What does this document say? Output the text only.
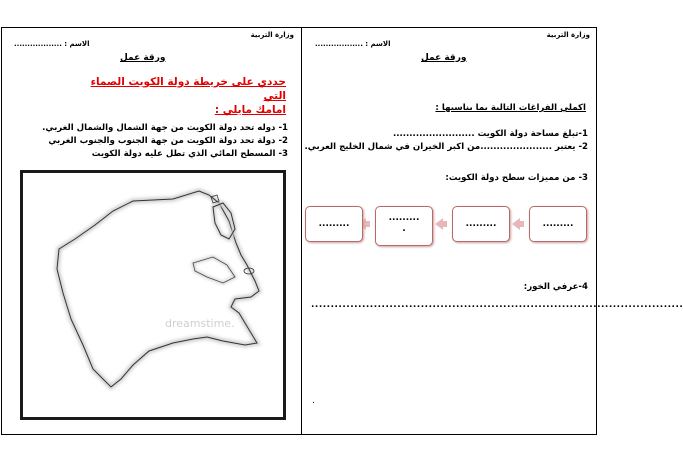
وزارة التربية
الاسم : ..................
ورقة عمل
حددي على خريطة دولة الكويت الصماء التي
امامك مايلي :
1- دوله تحد دولة الكويت من جهة الشمال والشمال الغربي.
2- دولة تحد دولة الكويت من جهة الجنوب والجنوب الغربي
3- المسطح المائي الذي تطل عليه دولة الكويت
dreamstime.
وزارة التربية
الاسم : ..................
ورقة عمل
اكملي الفراغات التالية بما يناسبها :
1-تبلغ مساحة دولة الكويت .........................
2- يعتبر ......................من اكبر الخيران في شمال الخليج العربي.
3- من مميزات سطح دولة الكويت:
.........
.........
.........
.
.........
4-عرفي الخور:
...............................................................................................
.
